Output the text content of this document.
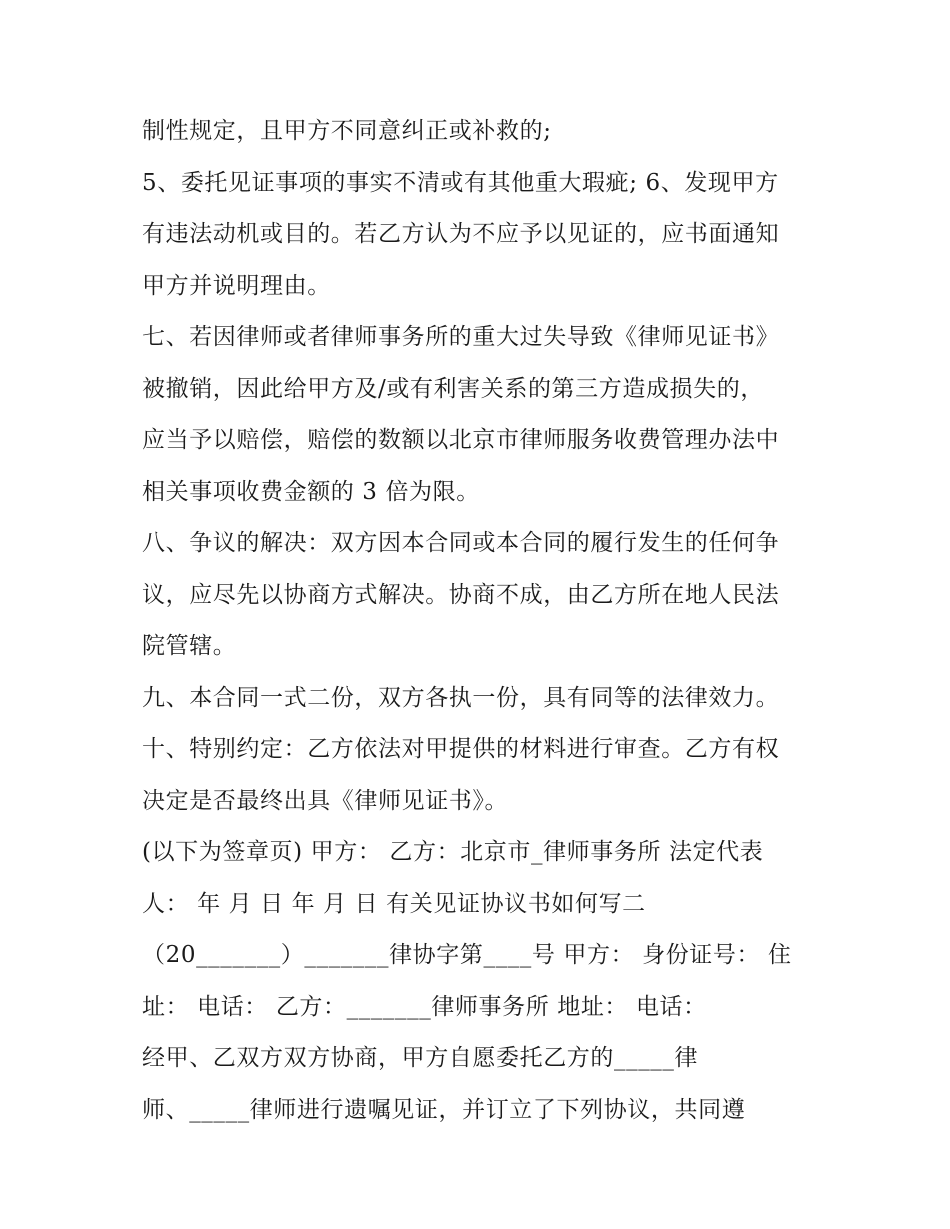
制性规定，且甲方不同意纠正或补救的;
5、委托见证事项的事实不清或有其他重大瑕疵; 6、发现甲方
有违法动机或目的。若乙方认为不应予以见证的，应书面通知
甲方并说明理由。
七、若因律师或者律师事务所的重大过失导致《律师见证书》
被撤销，因此给甲方及/或有利害关系的第三方造成损失的，
应当予以赔偿，赔偿的数额以北京市律师服务收费管理办法中
相关事项收费金额的 3 倍为限。
八、争议的解决：双方因本合同或本合同的履行发生的任何争
议，应尽先以协商方式解决。协商不成，由乙方所在地人民法
院管辖。
九、本合同一式二份，双方各执一份，具有同等的法律效力。
十、特别约定：乙方依法对甲提供的材料进行审查。乙方有权
决定是否最终出具《律师见证书》。
(以下为签章页) 甲方： 乙方：北京市_律师事务所 法定代表
人： 年 月 日 年 月 日 有关见证协议书如何写二
（20_______）_______律协字第____号 甲方： 身份证号： 住
址： 电话： 乙方：_______律师事务所 地址： 电话：
经甲、乙双方双方协商，甲方自愿委托乙方的_____律
师、_____律师进行遗嘱见证，并订立了下列协议，共同遵
